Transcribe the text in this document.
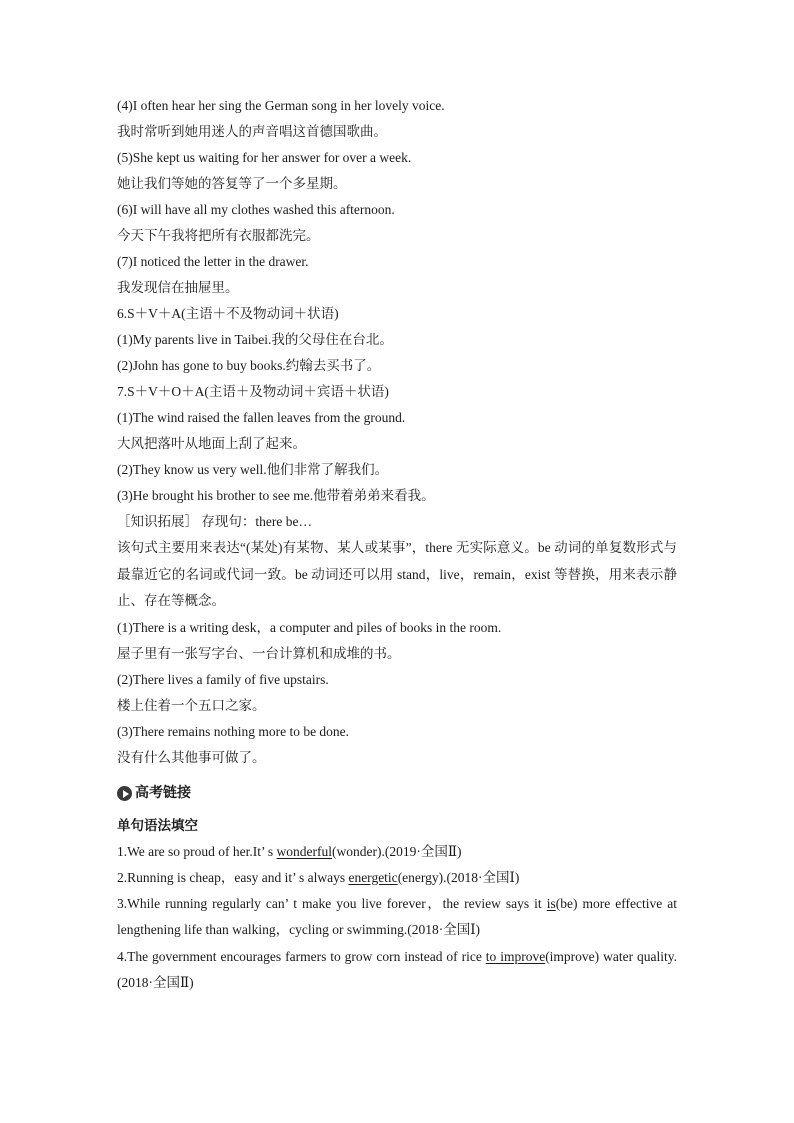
(4)I often hear her sing the German song in her lovely voice.
我时常听到她用迷人的声音唱这首德国歌曲。
(5)She kept us waiting for her answer for over a week.
她让我们等她的答复等了一个多星期。
(6)I will have all my clothes washed this afternoon.
今天下午我将把所有衣服都洗完。
(7)I noticed the letter in the drawer.
我发现信在抽屉里。
6.S＋V＋A(主语＋不及物动词＋状语)
(1)My parents live in Taibei.我的父母住在台北。
(2)John has gone to buy books.约翰去买书了。
7.S＋V＋O＋A(主语＋及物动词＋宾语＋状语)
(1)The wind raised the fallen leaves from the ground.
大风把落叶从地面上刮了起来。
(2)They know us very well.他们非常了解我们。
(3)He brought his brother to see me.他带着弟弟来看我。
［知识拓展］ 存现句：there be…
该句式主要用来表达“(某处)有某物、某人或某事”，there 无实际意义。be 动词的单复数形式与最靠近它的名词或代词一致。be 动词还可以用 stand，live，remain，exist 等替换，用来表示静止、存在等概念。
(1)There is a writing desk，a computer and piles of books in the room.
屋子里有一张写字台、一台计算机和成堆的书。
(2)There lives a family of five upstairs.
楼上住着一个五口之家。
(3)There remains nothing more to be done.
没有什么其他事可做了。
高考链接
单句语法填空
1.We are so proud of her.It’ s wonderful(wonder).(2019·全国Ⅱ)
2.Running is cheap，easy and it’ s always energetic(energy).(2018·全国Ⅰ)
3.While running regularly can’ t make you live forever，the review says it is(be) more effective at lengthening life than walking，cycling or swimming.(2018·全国Ⅰ)
4.The government encourages farmers to grow corn instead of rice to improve(improve) water quality.(2018·全国Ⅱ)
